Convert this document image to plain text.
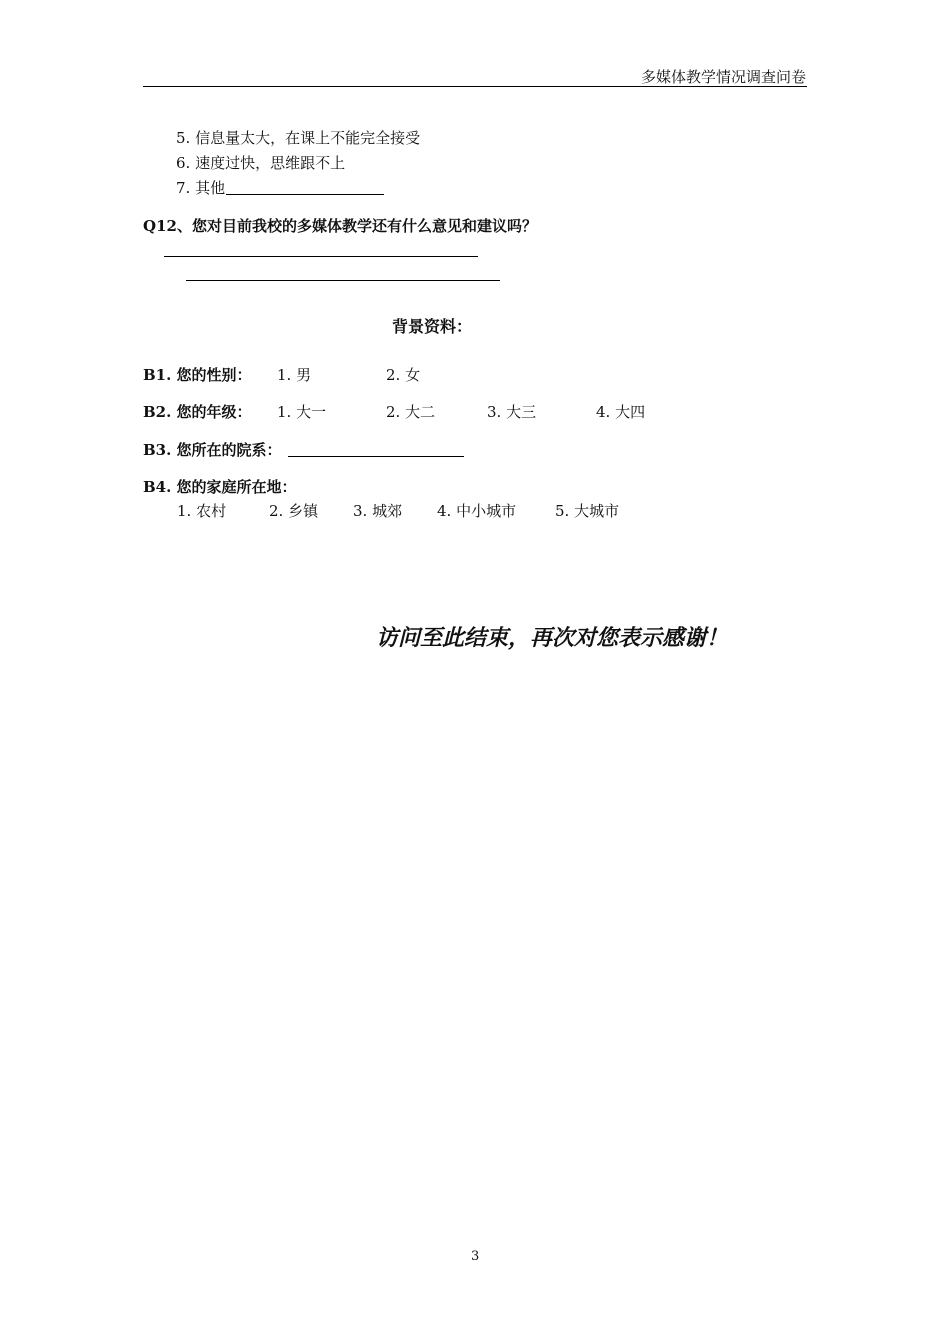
多媒体教学情况调查问卷
5. 信息量太大，在课上不能完全接受
6. 速度过快，思维跟不上
7. 其他
Q12、您对目前我校的多媒体教学还有什么意见和建议吗？
背景资料：
B1. 您的性别： 1. 男	2. 女
B2. 您的年级： 1. 大一	2. 大二	3. 大三	4. 大四
B3. 您所在的院系：
B4. 您的家庭所在地：
1. 农村	2. 乡镇 3. 城郊 4. 中小城市	5. 大城市
访问至此结束，再次对您表示感谢！
3
